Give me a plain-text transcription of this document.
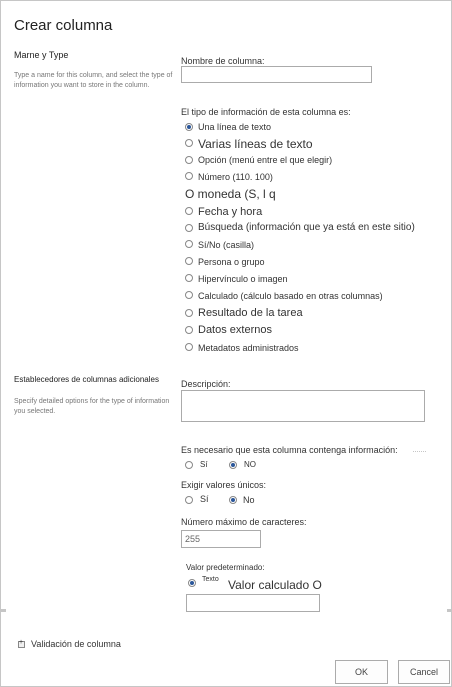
Crear columna
Marne y Type
Type a name for this column, and select the type of information you want to store in the column.
Nombre de columna:
El tipo de información de esta columna es:
Una línea de texto
Varias líneas de texto
Opción (menú entre el que elegir)
Número (110. 100)
O moneda (S, l q
Fecha y hora
Búsqueda (información que ya está en este sitio)
Sí/No (casilla)
Persona o grupo
Hipervínculo o imagen
Calculado (cálculo basado en otras columnas)
Resultado de la tarea
Datos externos
Metadatos administrados
Establecedores de columnas adicionales
Specify detailed options for the type of information you selected.
Descripción:
Es necesario que esta columna contenga información:
Sí	NO
Exigir valores únicos:
Sí	No
Número máximo de caracteres:
255
Valor predeterminado:
Texto Valor calculado O
+
Validación de columna
OK	Cancel
